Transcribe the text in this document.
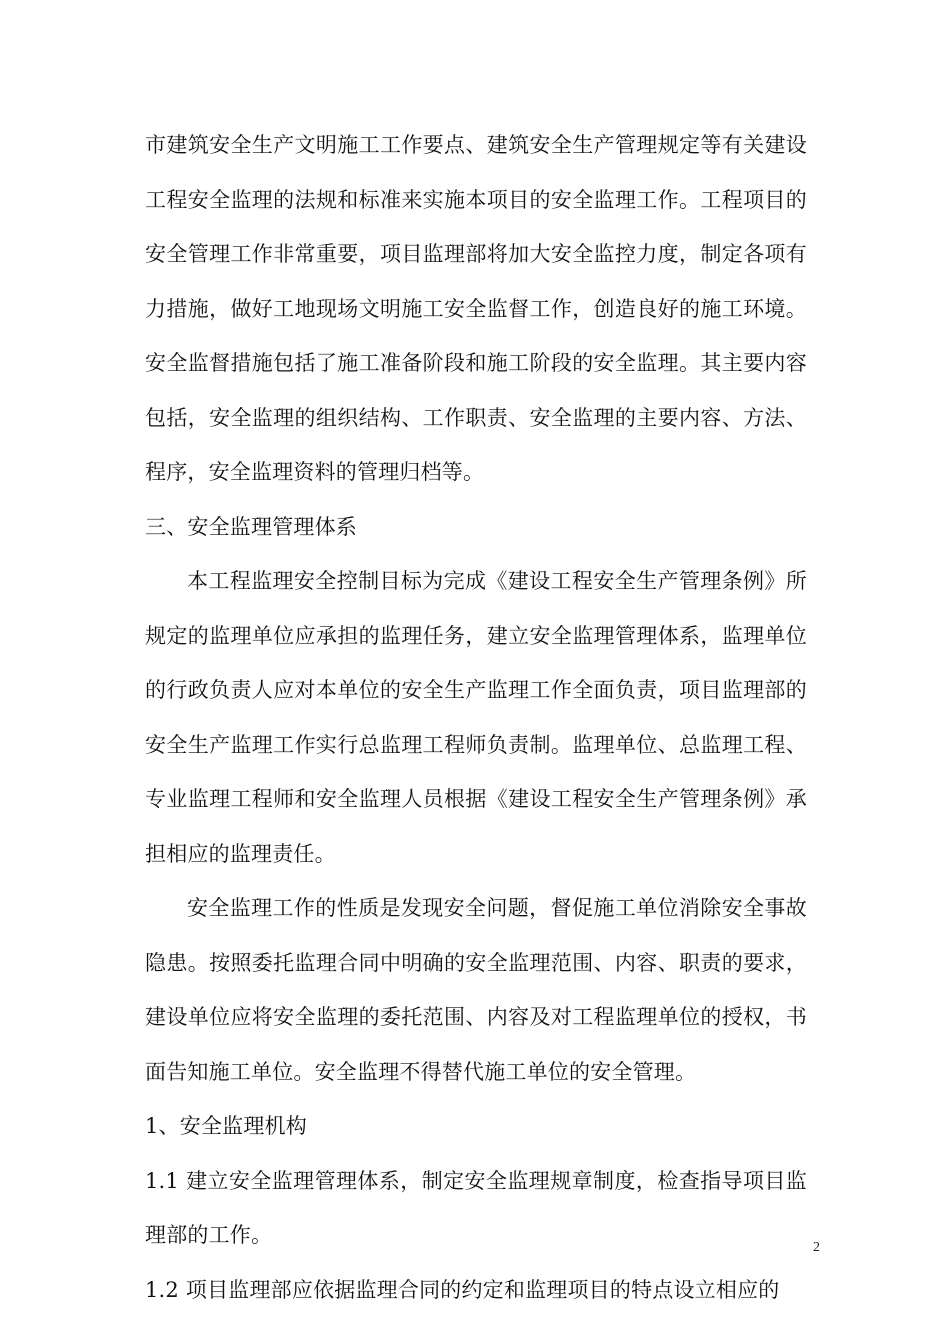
市建筑安全生产文明施工工作要点、建筑安全生产管理规定等有关建设工程安全监理的法规和标准来实施本项目的安全监理工作。工程项目的安全管理工作非常重要，项目监理部将加大安全监控力度，制定各项有力措施，做好工地现场文明施工安全监督工作，创造良好的施工环境。安全监督措施包括了施工准备阶段和施工阶段的安全监理。其主要内容包括，安全监理的组织结构、工作职责、安全监理的主要内容、方法、程序，安全监理资料的管理归档等。

三、安全监理管理体系

本工程监理安全控制目标为完成《建设工程安全生产管理条例》所规定的监理单位应承担的监理任务，建立安全监理管理体系，监理单位的行政负责人应对本单位的安全生产监理工作全面负责，项目监理部的安全生产监理工作实行总监理工程师负责制。监理单位、总监理工程、专业监理工程师和安全监理人员根据《建设工程安全生产管理条例》承担相应的监理责任。

安全监理工作的性质是发现安全问题，督促施工单位消除安全事故隐患。按照委托监理合同中明确的安全监理范围、内容、职责的要求，建设单位应将安全监理的委托范围、内容及对工程监理单位的授权，书面告知施工单位。安全监理不得替代施工单位的安全管理。

1、安全监理机构

1.1 建立安全监理管理体系，制定安全监理规章制度，检查指导项目监理部的工作。

1.2 项目监理部应依据监理合同的约定和监理项目的特点设立相应的

2
